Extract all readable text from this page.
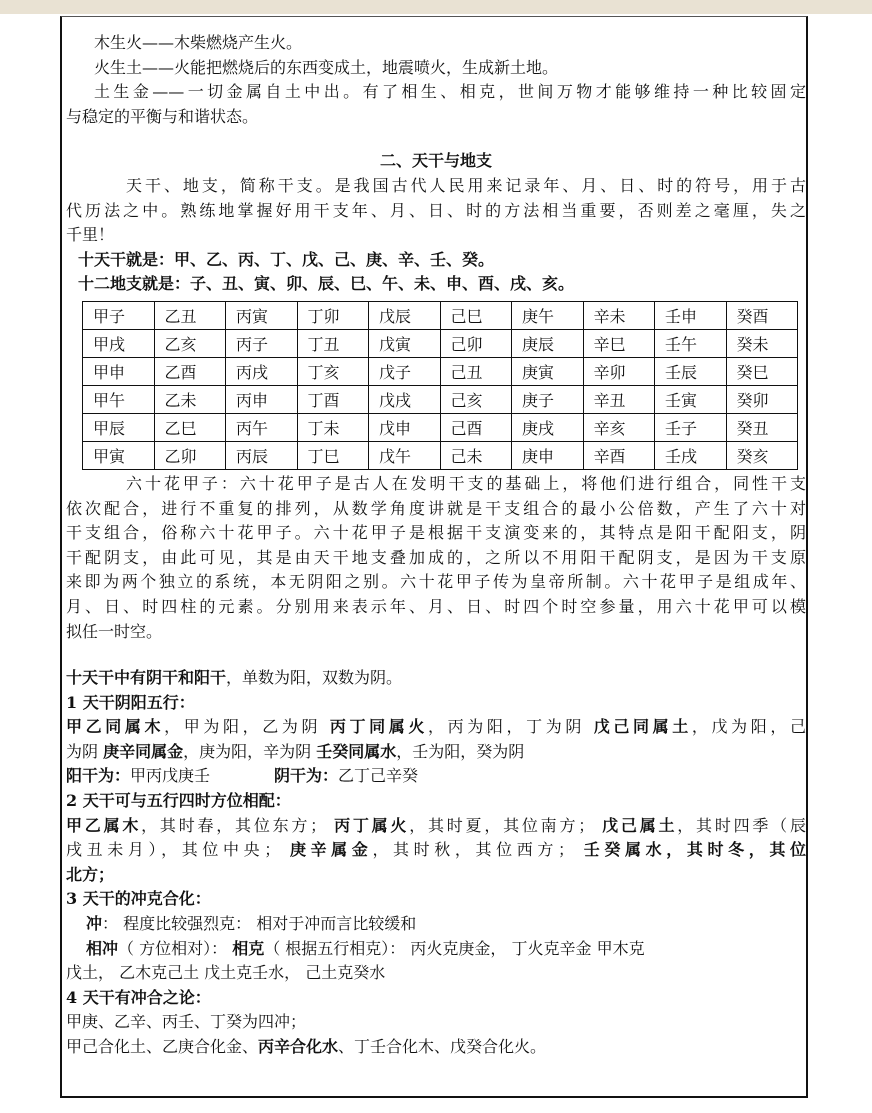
木生火——木柴燃烧产生火。
火生土——火能把燃烧后的东西变成土，地震喷火，生成新土地。
土生金——一切金属自土中出。有了相生、相克，世间万物才能够维持一种比较固定
与稳定的平衡与和谐状态。
二、天干与地支
天干、地支，简称干支。是我国古代人民用来记录年、月、日、时的符号，用于古
代历法之中。熟练地掌握好用干支年、月、日、时的方法相当重要，否则差之毫厘，失之
千里！
十天干就是：甲、乙、丙、丁、戊、己、庚、辛、壬、癸。
十二地支就是：子、丑、寅、卯、辰、巳、午、未、申、酉、戌、亥。
甲子	乙丑	丙寅	丁卯	戊辰	己巳	庚午	辛未	壬申	癸酉
甲戌	乙亥	丙子	丁丑	戊寅	己卯	庚辰	辛巳	壬午	癸未
甲申	乙酉	丙戌	丁亥	戊子	己丑	庚寅	辛卯	壬辰	癸巳
甲午	乙未	丙申	丁酉	戊戌	己亥	庚子	辛丑	壬寅	癸卯
甲辰	乙巳	丙午	丁未	戊申	己酉	庚戌	辛亥	壬子	癸丑
甲寅	乙卯	丙辰	丁巳	戊午	己未	庚申	辛酉	壬戌	癸亥
六十花甲子：六十花甲子是古人在发明干支的基础上，将他们进行组合，同性干支
依次配合，进行不重复的排列，从数学角度讲就是干支组合的最小公倍数，产生了六十对
干支组合，俗称六十花甲子。六十花甲子是根据干支演变来的，其特点是阳干配阳支，阴
干配阴支，由此可见，其是由天干地支叠加成的，之所以不用阳干配阴支，是因为干支原
来即为两个独立的系统，本无阴阳之别。六十花甲子传为皇帝所制。六十花甲子是组成年、
月、日、时四柱的元素。分别用来表示年、月、日、时四个时空参量，用六十花甲可以模
拟任一时空。
十天干中有阴干和阳干，单数为阳，双数为阴。
1 天干阴阳五行：
甲乙同属木，甲为阳，乙为阴 丙丁同属火，丙为阳，丁为阴 戊己同属土，戊为阳，己
为阴 庚辛同属金，庚为阳，辛为阴 壬癸同属水，壬为阳，癸为阴
阳干为：甲丙戊庚壬	阴干为：乙丁己辛癸
2 天干可与五行四时方位相配：
甲乙属木，其时春，其位东方； 丙丁属火，其时夏，其位南方； 戊己属土，其时四季（辰
戌丑未月），其位中央； 庚辛属金，其时秋，其位西方； 壬癸属水，其时冬，其位
北方；
3 天干的冲克合化：
冲： 程度比较强烈克： 相对于冲而言比较缓和
相冲（ 方位相对）： 相克（ 根据五行相克）： 丙火克庚金， 丁火克辛金 甲木克
戊土， 乙木克己土 戊土克壬水， 己土克癸水
4 天干有冲合之论：
甲庚、乙辛、丙壬、丁癸为四冲；
甲己合化土、乙庚合化金、丙辛合化水、丁壬合化木、戊癸合化火。
